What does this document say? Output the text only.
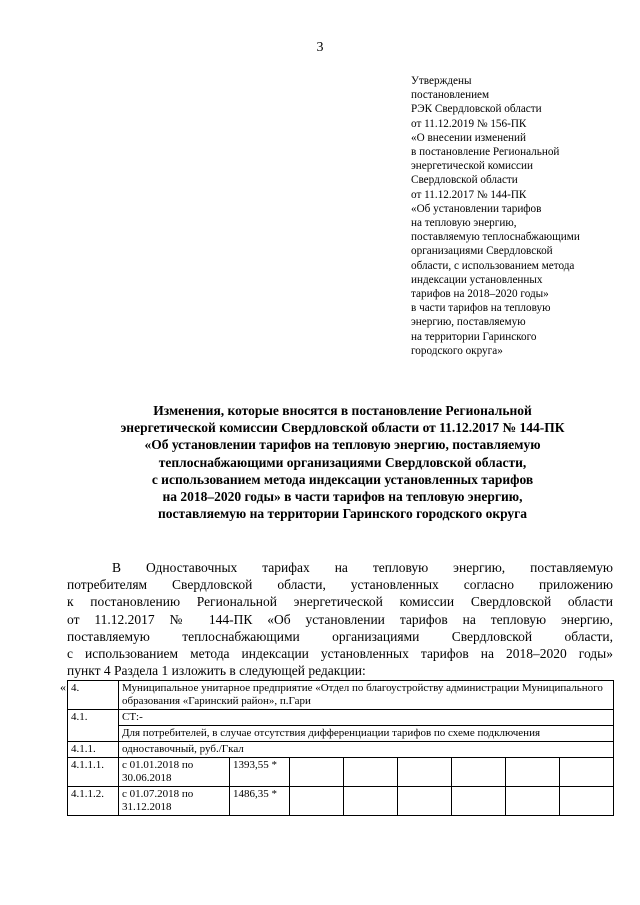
3
Утверждены
постановлением
РЭК Свердловской области
от 11.12.2019 № 156-ПК
«О внесении изменений
в постановление Региональной
энергетической комиссии
Свердловской области
от 11.12.2017 № 144-ПК
«Об установлении тарифов
на тепловую энергию,
поставляемую теплоснабжающими
организациями Свердловской
области, с использованием метода
индексации установленных
тарифов на 2018–2020 годы»
в части тарифов на тепловую
энергию, поставляемую
на территории Гаринского
городского округа»
Изменения, которые вносятся в постановление Региональной
энергетической комиссии Свердловской области от 11.12.2017 № 144-ПК
«Об установлении тарифов на тепловую энергию, поставляемую
теплоснабжающими организациями Свердловской области,
с использованием метода индексации установленных тарифов
на 2018–2020 годы» в части тарифов на тепловую энергию,
поставляемую на территории Гаринского городского округа
В Одноставочных тарифах на тепловую энергию, поставляемую
потребителям Свердловской области, установленных согласно приложению
к постановлению Региональной энергетической комиссии Свердловской области
от 11.12.2017 № 144-ПК «Об установлении тарифов на тепловую энергию,
поставляемую теплоснабжающими организациями Свердловской области,
с использованием метода индексации установленных тарифов на 2018–2020 годы»
пункт 4 Раздела 1 изложить в следующей редакции:
« 4.	Муниципальное унитарное предприятие «Отдел по благоустройству администрации Муниципального образования «Гаринский район», п.Гари							
4.1.	СТ:-							
	Для потребителей, в случае отсутствия дифференциации тарифов по схеме подключения							
4.1.1.	одноставочный, руб./Гкал							
4.1.1.1.	с 01.01.2018 по 30.06.2018	1393,55 *						
4.1.1.2.	с 01.07.2018 по 31.12.2018	1486,35 *						
